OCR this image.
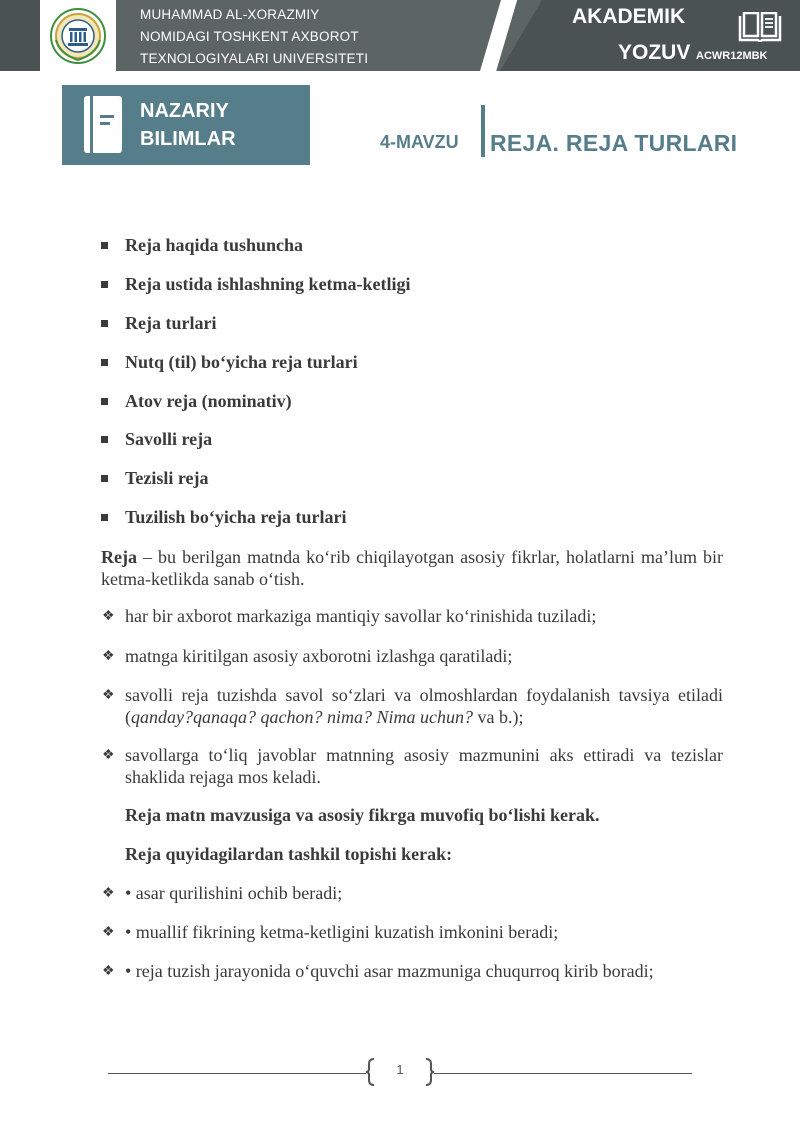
MUHAMMAD AL-XORAZMIY
NOMIDAGI TOSHKENT AXBOROT
TEXNOLOGIYALARI UNIVERSITETI
AKADEMIK
YOZUV ACWR12MBK
NAZARIY
BILIMLAR	4-MAVZU REJA. REJA TURLARI
Reja haqida tushuncha
Reja ustida ishlashning ketma-ketligi
Reja turlari
Nutq (til) bo‘yicha reja turlari
Atov reja (nominativ)
Savolli reja
Tezisli reja
Tuzilish bo‘yicha reja turlari
Reja – bu berilgan matnda ko‘rib chiqilayotgan asosiy fikrlar, holatlarni ma’lum bir ketma-ketlikda sanab o‘tish.
❖ har bir axborot markaziga mantiqiy savollar ko‘rinishida tuziladi;
❖ matnga kiritilgan asosiy axborotni izlashga qaratiladi;
❖ savolli reja tuzishda savol so‘zlari va olmoshlardan foydalanish tavsiya etiladi (qanday?qanaqa? qachon? nima? Nima uchun? va b.);
❖ savollarga to‘liq javoblar matnning asosiy mazmunini aks ettiradi va tezislar shaklida rejaga mos keladi.
Reja matn mavzusiga va asosiy fikrga muvofiq bo‘lishi kerak.
Reja quyidagilardan tashkil topishi kerak:
❖ • asar qurilishini ochib beradi;
❖ • muallif fikrining ketma-ketligini kuzatish imkonini beradi;
❖ • reja tuzish jarayonida o‘quvchi asar mazmuniga chuqurroq kirib boradi;
1
